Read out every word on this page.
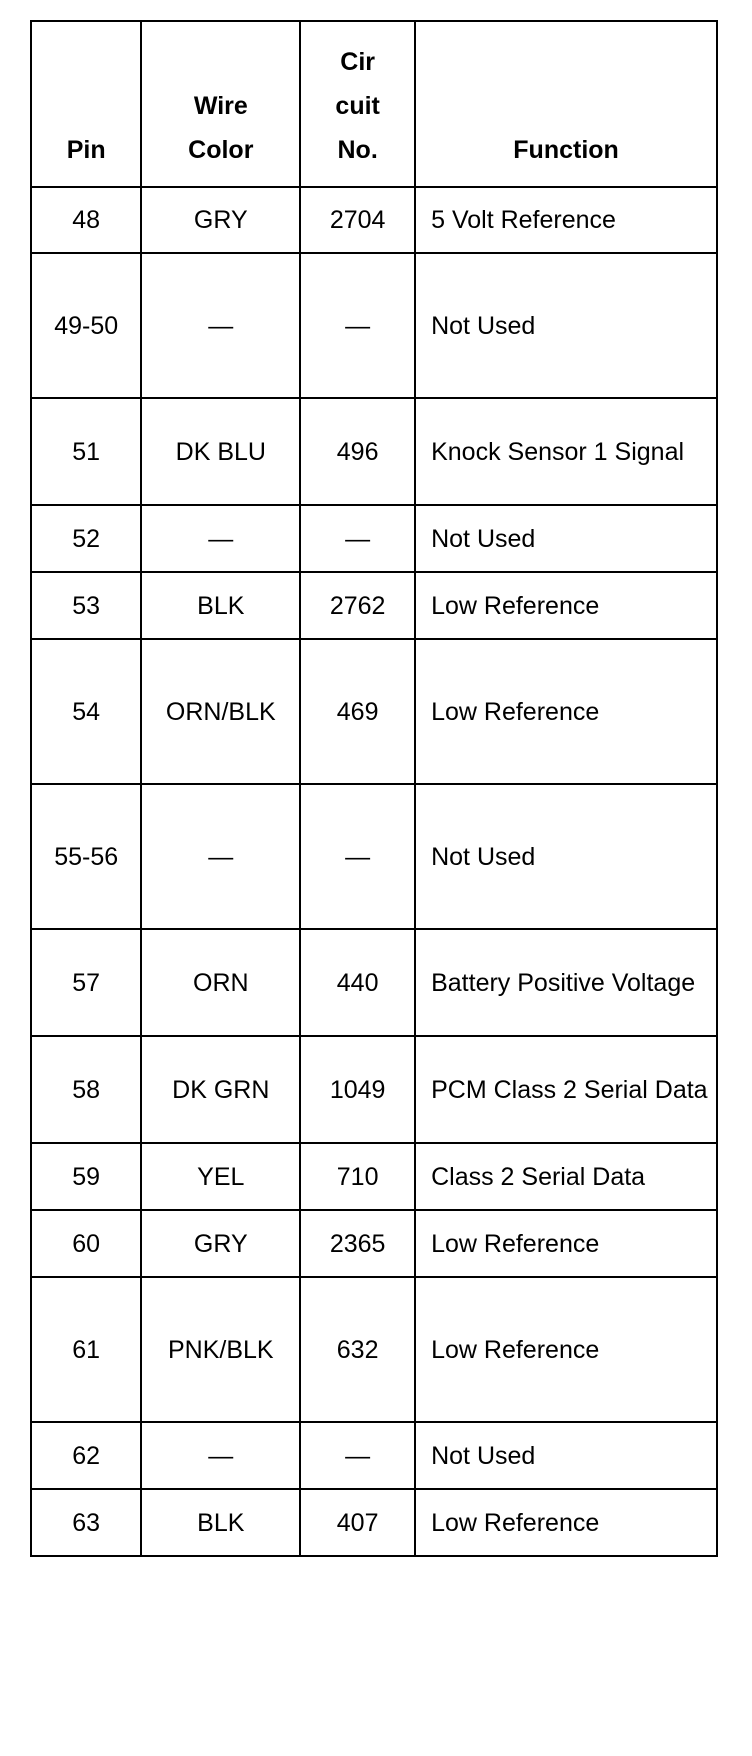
Pin	Wire Color	Cir cuit No.	Function
48	GRY	2704	5 Volt Reference
49-50	—	—	Not Used
51	DK BLU	496	Knock Sensor 1 Signal
52	—	—	Not Used
53	BLK	2762	Low Reference
54	ORN/BLK	469	Low Reference
55-56	—	—	Not Used
57	ORN	440	Battery Positive Voltage
58	DK GRN	1049	PCM Class 2 Serial Data
59	YEL	710	Class 2 Serial Data
60	GRY	2365	Low Reference
61	PNK/BLK	632	Low Reference
62	—	—	Not Used
63	BLK	407	Low Reference
